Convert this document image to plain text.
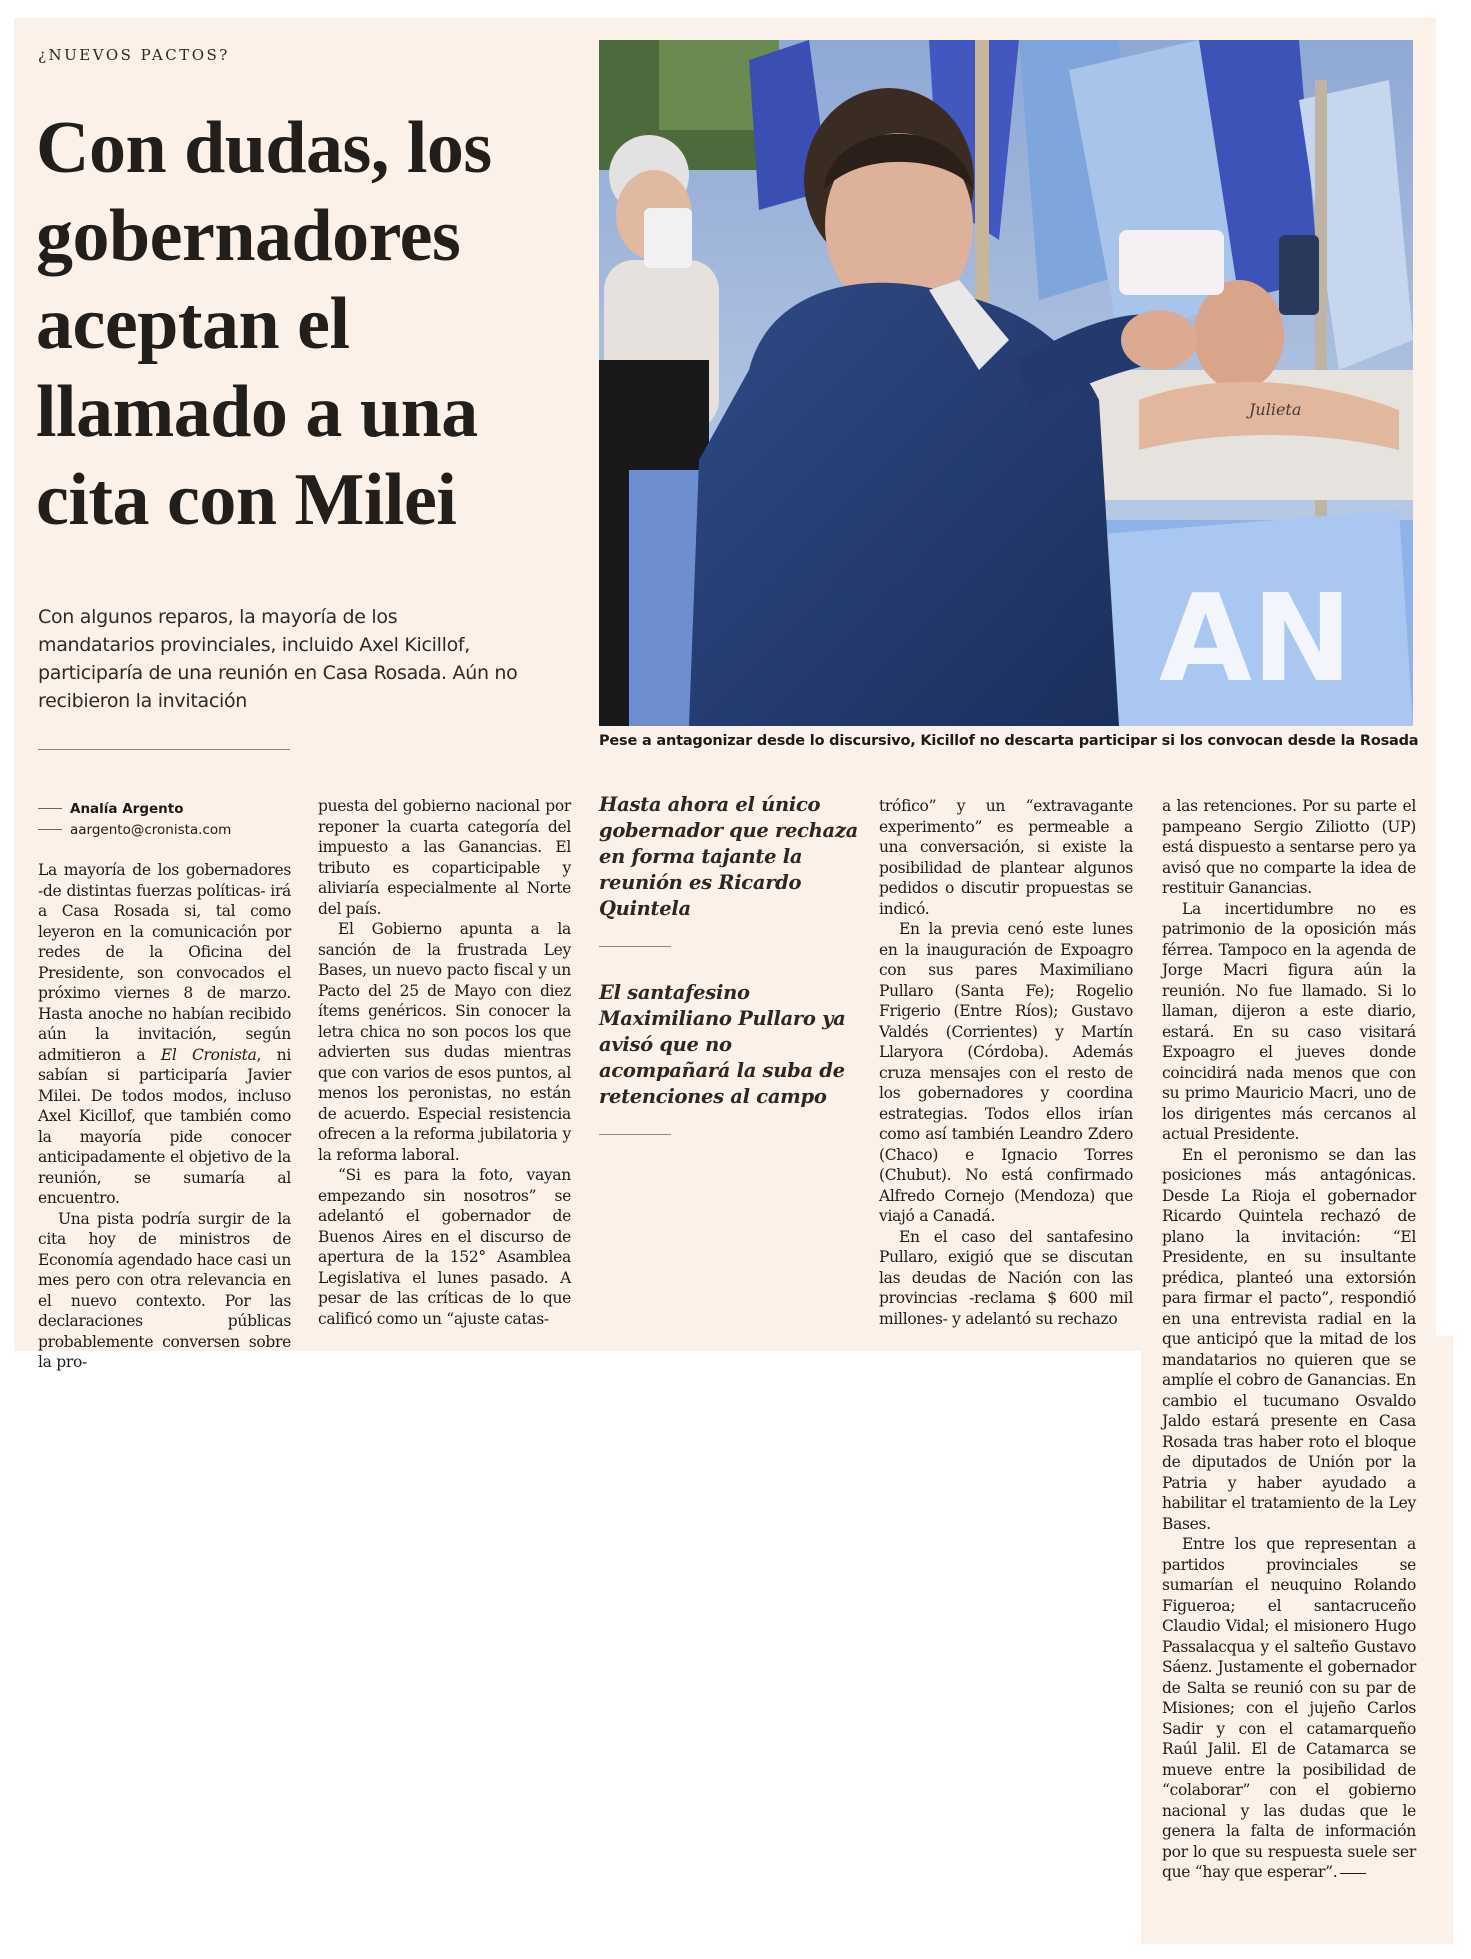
¿NUEVOS PACTOS?
Con dudas, los gobernadores aceptan el llamado a una cita con Milei

Con algunos reparos, la mayoría de los mandatarios provinciales, incluido Axel Kicillof, participaría de una reunión en Casa Rosada. Aún no recibieron la invitación	AN
Julieta

Pese a antagonizar desde lo discursivo, Kicillof no descarta participar si los convocan desde la Rosada

Analía Argento
aargento@cronista.com

La mayoría de los gobernadores -de distintas fuerzas políticas- irá a Casa Rosada si, tal como leyeron en la comunicación por redes de la Oficina del Presidente, son convocados el próximo viernes 8 de marzo. Hasta anoche no habían recibido aún la invitación, según admitieron a El Cronista, ni sabían si participaría Javier Milei. De todos modos, incluso Axel Kicillof, que también como la mayoría pide conocer anticipadamente el objetivo de la reunión, se sumaría al encuentro.

Una pista podría surgir de la cita hoy de ministros de Economía agendado hace casi un mes pero con otra relevancia en el nuevo contexto. Por las declaraciones públicas probablemente conversen sobre la pro-

puesta del gobierno nacional por reponer la cuarta categoría del impuesto a las Ganancias. El tributo es coparticipable y aliviaría especialmente al Norte del país.

El Gobierno apunta a la sanción de la frustrada Ley Bases, un nuevo pacto fiscal y un Pacto del 25 de Mayo con diez ítems genéricos. Sin conocer la letra chica no son pocos los que advierten sus dudas mientras que con varios de esos puntos, al menos los peronistas, no están de acuerdo. Especial resistencia ofrecen a la reforma jubilatoria y la reforma laboral.

“Si es para la foto, vayan empezando sin nosotros” se adelantó el gobernador de Buenos Aires en el discurso de apertura de la 152° Asamblea Legislativa el lunes pasado. A pesar de las críticas de lo que calificó como un “ajuste catas-

Hasta ahora el único gobernador que rechaza en forma tajante la reunión es Ricardo Quintela

El santafesino Maximiliano Pullaro ya avisó que no acompañará la suba de retenciones al campo

trófico” y un “extravagante experimento” es permeable a una conversación, si existe la posibilidad de plantear algunos pedidos o discutir propuestas se indicó.

En la previa cenó este lunes en la inauguración de Expoagro con sus pares Maximiliano Pullaro (Santa Fe); Rogelio Frigerio (Entre Ríos); Gustavo Valdés (Corrientes) y Martín Llaryora (Córdoba). Además cruza mensajes con el resto de los gobernadores y coordina estrategias. Todos ellos irían como así también Leandro Zdero (Chaco) e Ignacio Torres (Chubut). No está confirmado Alfredo Cornejo (Mendoza) que viajó a Canadá.

En el caso del santafesino Pullaro, exigió que se discutan las deudas de Nación con las provincias -reclama $ 600 mil millones- y adelantó su rechazo

a las retenciones. Por su parte el pampeano Sergio Ziliotto (UP) está dispuesto a sentarse pero ya avisó que no comparte la idea de restituir Ganancias.

La incertidumbre no es patrimonio de la oposición más férrea. Tampoco en la agenda de Jorge Macri figura aún la reunión. No fue llamado. Si lo llaman, dijeron a este diario, estará. En su caso visitará Expoagro el jueves donde coincidirá nada menos que con su primo Mauricio Macri, uno de los dirigentes más cercanos al actual Presidente.

En el peronismo se dan las posiciones más antagónicas. Desde La Rioja el gobernador Ricardo Quintela rechazó de plano la invitación: “El Presidente, en su insultante prédica, planteó una extorsión para firmar el pacto”, respondió en una entrevista radial en la que anticipó que la mitad de los mandatarios no quieren que se amplíe el cobro de Ganancias. En cambio el tucumano Osvaldo Jaldo estará presente en Casa Rosada tras haber roto el bloque de diputados de Unión por la Patria y haber ayudado a habilitar el tratamiento de la Ley Bases.

Entre los que representan a partidos provinciales se sumarían el neuquino Rolando Figueroa; el santacruceño Claudio Vidal; el misionero Hugo Passalacqua y el salteño Gustavo Sáenz. Justamente el gobernador de Salta se reunió con su par de Misiones; con el jujeño Carlos Sadir y con el catamarqueño Raúl Jalil. El de Catamarca se mueve entre la posibilidad de “colaborar” con el gobierno nacional y las dudas que le genera la falta de información por lo que su respuesta suele ser que “hay que esperar”.
